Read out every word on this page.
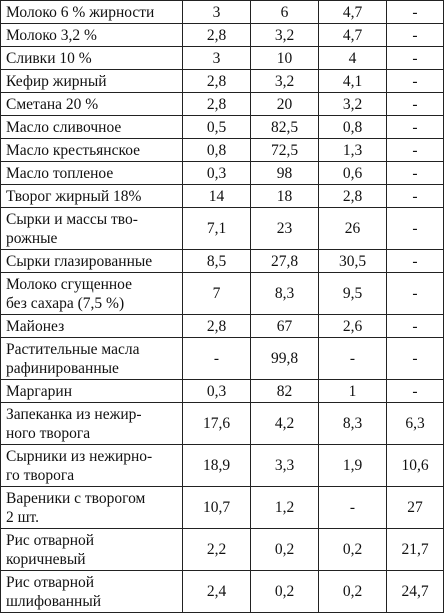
Молоко 6 % жирности	3	6	4,7	-
Молоко 3,2 %	2,8	3,2	4,7	-
Сливки 10 %	3	10	4	-
Кефир жирный	2,8	3,2	4,1	-
Сметана 20 %	2,8	20	3,2	-
Масло сливочное	0,5	82,5	0,8	-
Масло крестьянское	0,8	72,5	1,3	-
Масло топленое	0,3	98	0,6	-
Творог жирный 18%	14	18	2,8	-
Сырки и массы тво-
рожные	7,1	23	26	-
Сырки глазированные	8,5	27,8	30,5	-
Молоко сгущенное
без сахара (7,5 %)	7	8,3	9,5	-
Майонез	2,8	67	2,6	-
Растительные масла
рафинированные	-	99,8	-	-
Маргарин	0,3	82	1	-
Запеканка из нежир-
ного творога	17,6	4,2	8,3	6,3
Сырники из нежирно-
го творога	18,9	3,3	1,9	10,6
Вареники с творогом
2 шт.	10,7	1,2	-	27
Рис отварной
коричневый	2,2	0,2	0,2	21,7
Рис отварной
шлифованный	2,4	0,2	0,2	24,7
